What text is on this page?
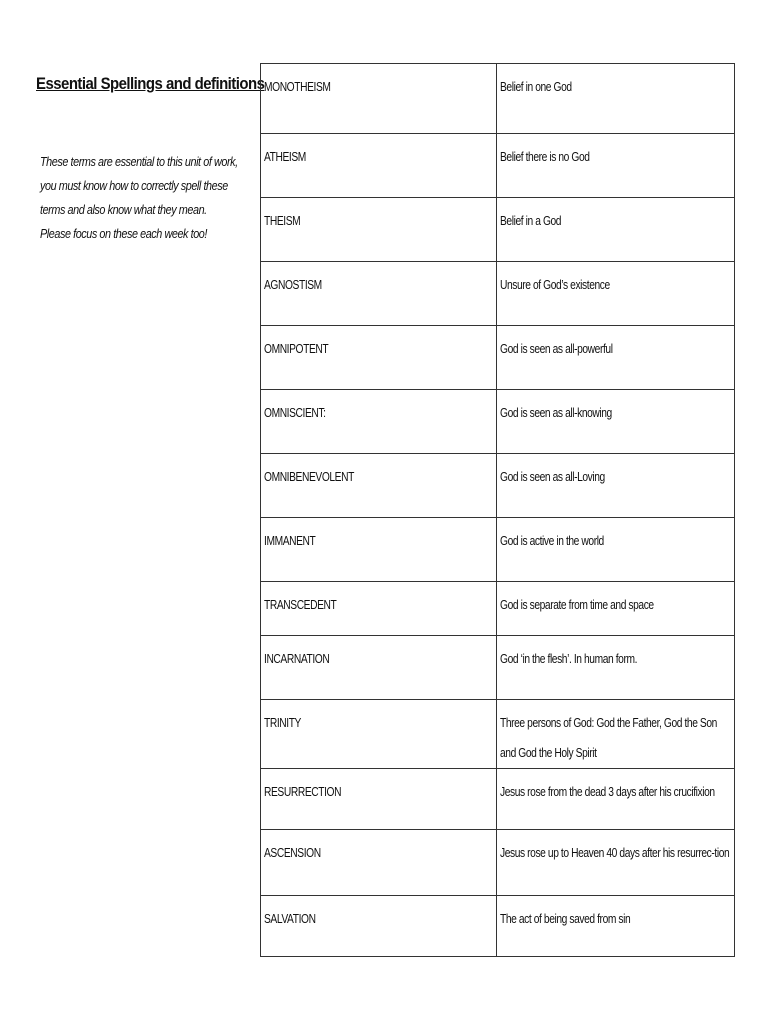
Essential Spellings and definitions
These terms are essential to this unit of work, you must know how to correctly spell these terms and also know what they mean. Please focus on these each week too!
MONOTHEISM	Belief in one God
ATHEISM	Belief there is no God
THEISM	Belief in a God
AGNOSTISM	Unsure of God’s existence
OMNIPOTENT	God is seen as all-powerful
OMNISCIENT:	God is seen as all-knowing
OMNIBENEVOLENT	God is seen as all-Loving
IMMANENT	God is active in the world
TRANSCEDENT	God is separate from time and space
INCARNATION	God ‘in the flesh’. In human form.
TRINITY	Three persons of God: God the Father, God the Son and God the Holy Spirit
RESURRECTION	Jesus rose from the dead 3 days after his crucifixion
ASCENSION	Jesus rose up to Heaven 40 days after his resurrec-tion
SALVATION	The act of being saved from sin
